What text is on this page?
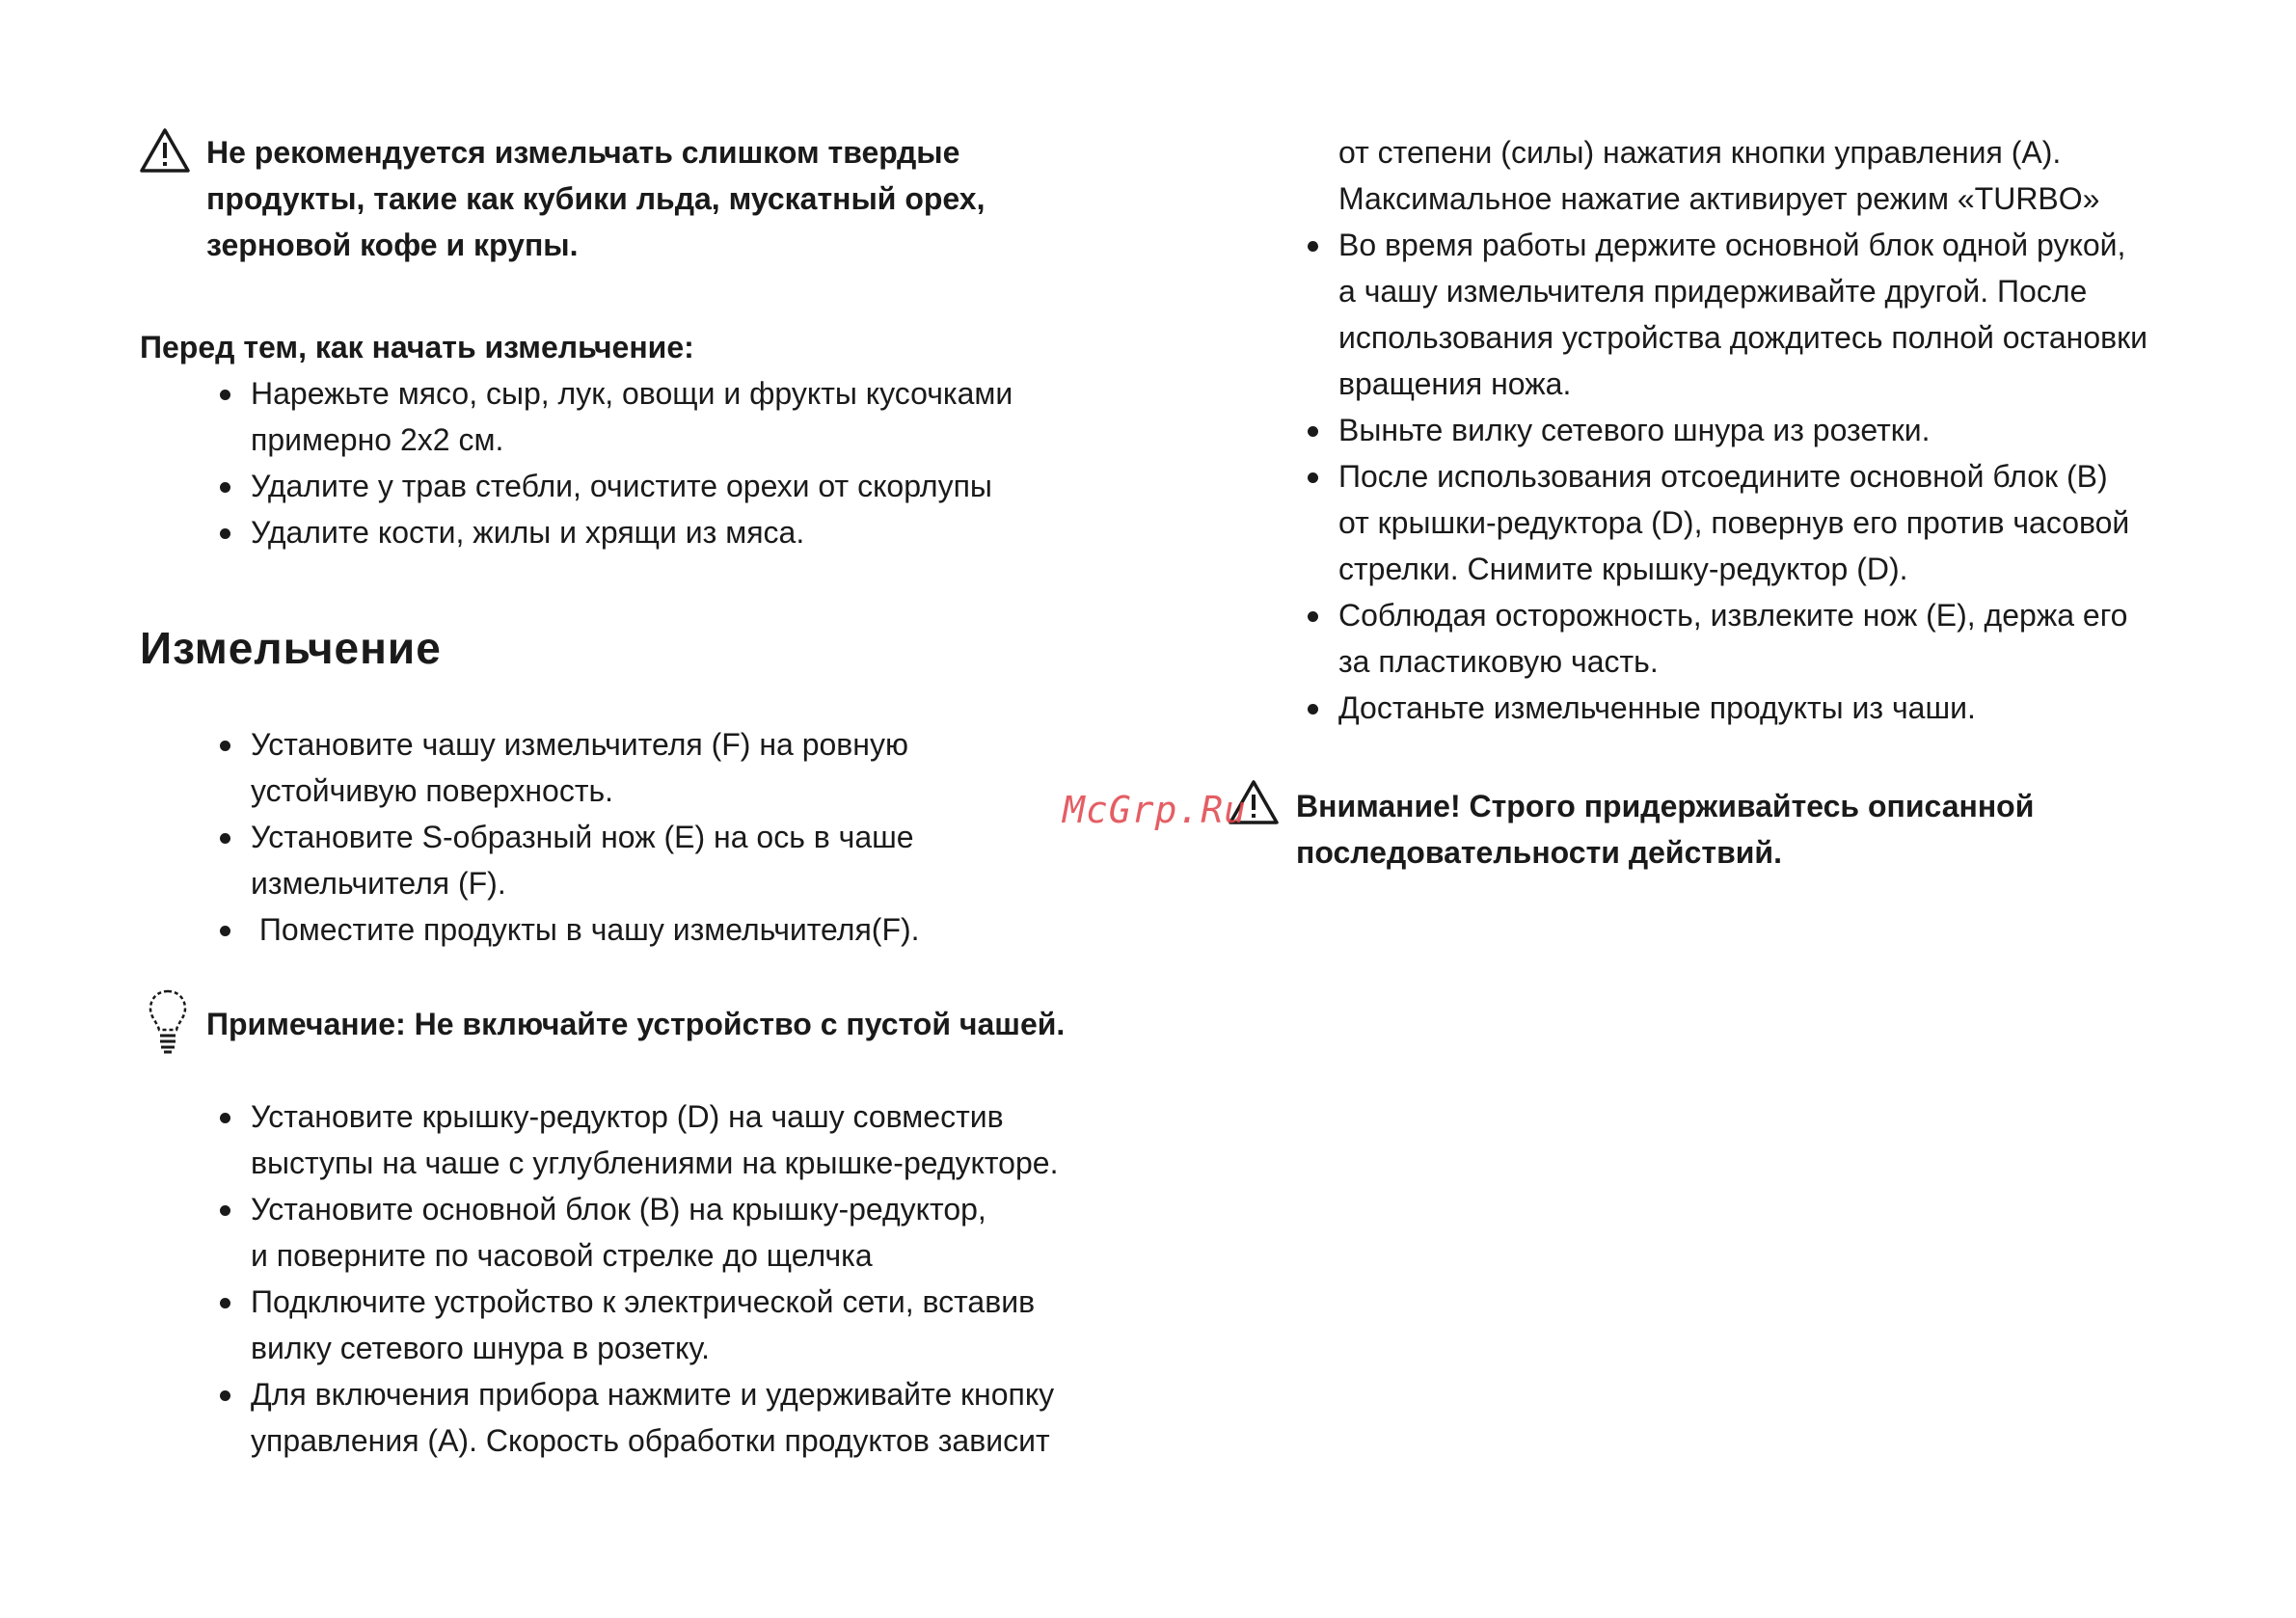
Не рекомендуется измельчать слишком твердые
продукты, такие как кубики льда, мускатный орех,
зерновой кофе и крупы.
Перед тем, как начать измельчение:
Нарежьте мясо, сыр, лук, овощи и фрукты кусочками
примерно 2x2 см.
Удалите у трав стебли, очистите орехи от скорлупы
Удалите кости, жилы и хрящи из мяса.
Измельчение
Установите чашу измельчителя (F) на ровную
устойчивую поверхность.
Установите S-образный нож (E) на ось в чаше
измельчителя (F).
Поместите продукты в чашу измельчителя(F).
Примечание: Не включайте устройство с пустой чашей.
Установите крышку-редуктор (D) на чашу совместив
выступы на чаше с углублениями на крышке-редукторе.
Установите основной блок (B) на крышку-редуктор,
и поверните по часовой стрелке до щелчка
Подключите устройство к электрической сети, вставив
вилку сетевого шнура в розетку.
Для включения прибора нажмите и удерживайте кнопку
управления (A). Скорость обработки продуктов зависит
от степени (силы) нажатия кнопки управления (A).
Максимальное нажатие активирует режим «TURBO»
Во время работы держите основной блок одной рукой,
а чашу измельчителя придерживайте другой. После
использования устройства дождитесь полной остановки
вращения ножа.
Выньте вилку сетевого шнура из розетки.
После использования отсоедините основной блок (B)
от крышки-редуктора (D), повернув его против часовой
стрелки. Снимите крышку-редуктор (D).
Соблюдая осторожность, извлеките нож (E), держа его
за пластиковую часть.
Достаньте измельченные продукты из чаши.
Внимание! Строго придерживайтесь описанной
последовательности действий.
McGrp.Ru
